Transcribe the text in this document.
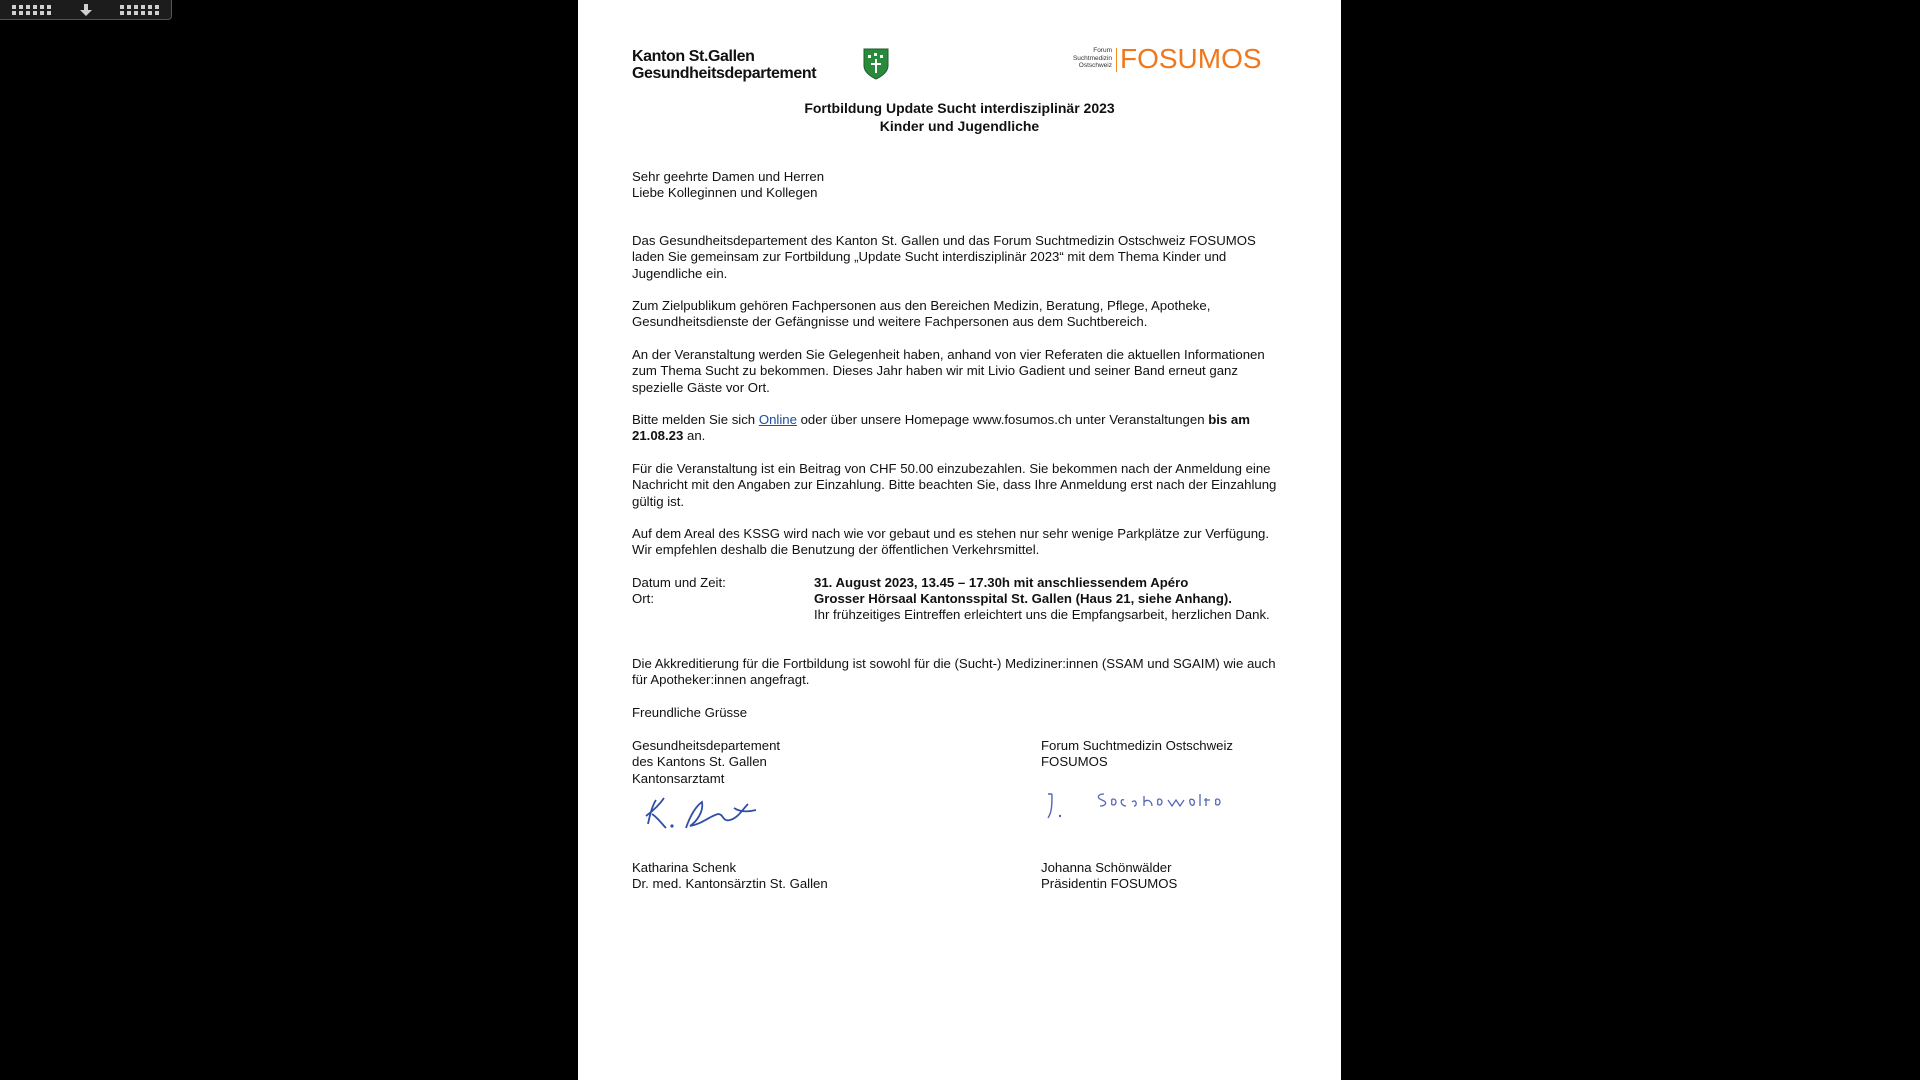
Kanton St.Gallen
Gesundheitsdepartement
Forum
Suchtmedizin
Ostschweiz FOSUMOS
Fortbildung Update Sucht interdisziplinär 2023
Kinder und Jugendliche
Sehr geehrte Damen und Herren
Liebe Kolleginnen und Kollegen
Das Gesundheitsdepartement des Kanton St. Gallen und das Forum Suchtmedizin Ostschweiz FOSUMOS laden Sie gemeinsam zur Fortbildung „Update Sucht interdisziplinär 2023“ mit dem Thema Kinder und Jugendliche ein.
Zum Zielpublikum gehören Fachpersonen aus den Bereichen Medizin, Beratung, Pflege, Apotheke, Gesundheitsdienste der Gefängnisse und weitere Fachpersonen aus dem Suchtbereich.
An der Veranstaltung werden Sie Gelegenheit haben, anhand von vier Referaten die aktuellen Informationen zum Thema Sucht zu bekommen. Dieses Jahr haben wir mit Livio Gadient und seiner Band erneut ganz spezielle Gäste vor Ort.
Bitte melden Sie sich Online oder über unsere Homepage www.fosumos.ch unter Veranstaltungen bis am 21.08.23 an.
Für die Veranstaltung ist ein Beitrag von CHF 50.00 einzubezahlen. Sie bekommen nach der Anmeldung eine Nachricht mit den Angaben zur Einzahlung. Bitte beachten Sie, dass Ihre Anmeldung erst nach der Einzahlung gültig ist.
Auf dem Areal des KSSG wird nach wie vor gebaut und es stehen nur sehr wenige Parkplätze zur Verfügung. Wir empfehlen deshalb die Benutzung der öffentlichen Verkehrsmittel.
Datum und Zeit:
Ort:
31. August 2023, 13.45 – 17.30h mit anschliessendem Apéro
Grosser Hörsaal Kantonsspital St. Gallen (Haus 21, siehe Anhang).
Ihr frühzeitiges Eintreffen erleichtert uns die Empfangsarbeit, herzlichen Dank.
Die Akkreditierung für die Fortbildung ist sowohl für die (Sucht-) Mediziner:innen (SSAM und SGAIM) wie auch für Apotheker:innen angefragt.
Freundliche Grüsse
Gesundheitsdepartement
des Kantons St. Gallen
Kantonsarztamt
Forum Suchtmedizin Ostschweiz
FOSUMOS
Katharina Schenk
Dr. med. Kantonsärztin St. Gallen
Johanna Schönwälder
Präsidentin FOSUMOS
